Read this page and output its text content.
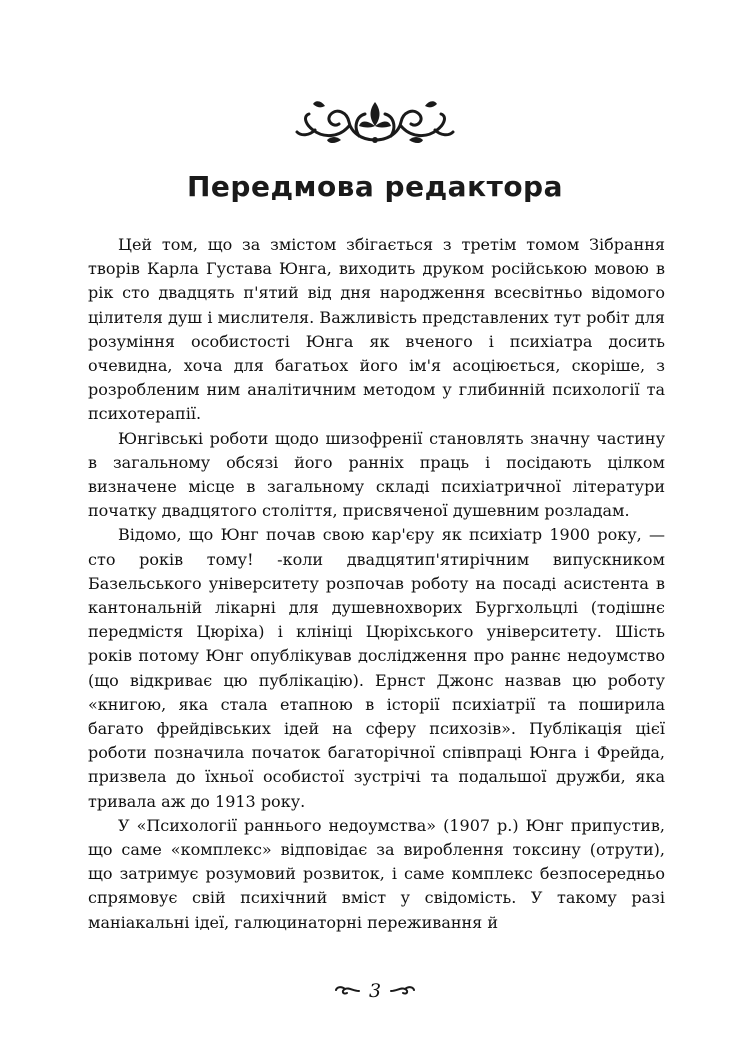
Передмова редактора

Цей том, що за змістом збігається з третім томом Зібрання творів Карла Густава Юнга, виходить друком російською мовою в рік сто двадцять п'ятий від дня народження всесвітньо відомого цілителя душ і мислителя. Важливість представлених тут робіт для розуміння особистості Юнга як вченого і психіатра досить очевидна, хоча для багатьох його ім'я асоціюється, скоріше, з розробленим ним аналітичним методом у глибинній психології та психотерапії.

Юнгівські роботи щодо шизофренії становлять значну частину в загальному обсязі його ранніх праць і посідають цілком визначене місце в загальному складі психіатричної літератури початку двадцятого століття, присвяченої душевним розладам.

Відомо, що Юнг почав свою кар'єру як психіатр 1900 року, — сто років тому! -коли двадцятип'ятирічним випускником Базельського університету розпочав роботу на посаді асистента в кантональній лікарні для душевнохворих Бургхольцлі (тодішнє передмістя Цюріха) і клініці Цюріхського університету. Шість років потому Юнг опублікував дослідження про раннє недоумство (що відкриває цю публікацію). Ернст Джонс назвав цю роботу «книгою, яка стала етапною в історії психіатрії та поширила багато фрейдівських ідей на сферу психозів». Публікація цієї роботи позначила початок багаторічної співпраці Юнга і Фрейда, призвела до їхньої особистої зустрічі та подальшої дружби, яка тривала аж до 1913 року.

У «Психології раннього недоумства» (1907 р.) Юнг припустив, що саме «комплекс» відповідає за вироблення токсину (отрути), що затримує розумовий розвиток, і саме комплекс безпосередньо спрямовує свій психічний вміст у свідомість. У такому разі маніакальні ідеї, галюцинаторні переживання й

3
